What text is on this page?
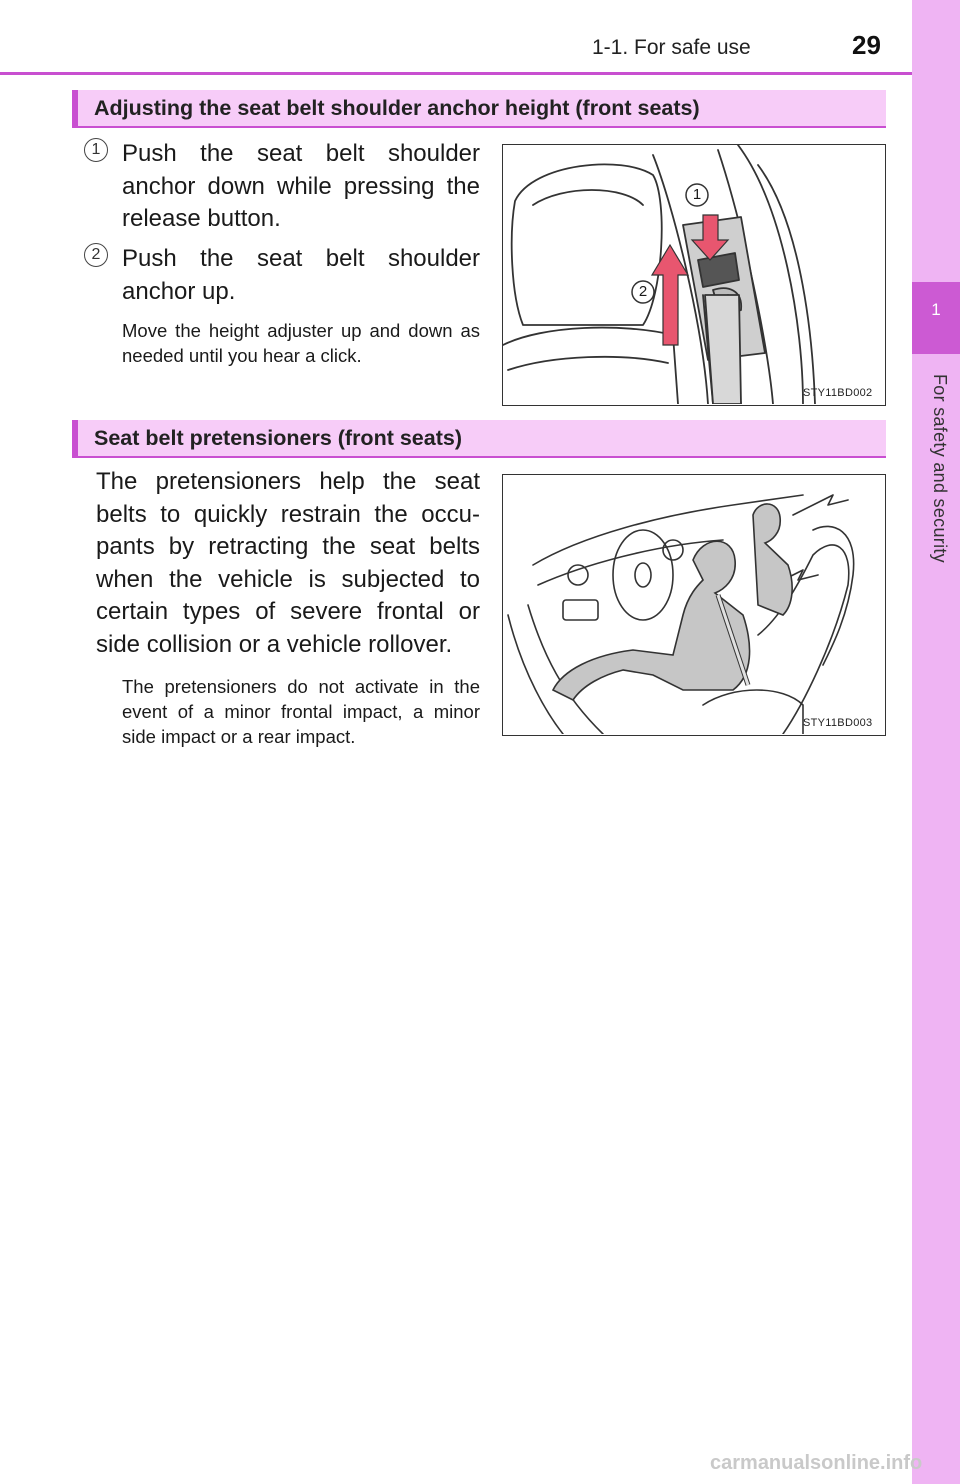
1-1. For safe use	29
1
For safety and security
Adjusting the seat belt shoulder anchor height (front seats)
1 Push the seat belt shoulder anchor down while pressing the release button.
2 Push the seat belt shoulder anchor up.
Move the height adjuster up and down as needed until you hear a click.
1
2
STY11BD002
Seat belt pretensioners (front seats)
The pretensioners help the seat belts to quickly restrain the occu-pants by retracting the seat belts when the vehicle is subjected to certain types of severe frontal or side collision or a vehicle rollover.
The pretensioners do not activate in the event of a minor frontal impact, a minor side impact or a rear impact.
STY11BD003
carmanualsonline.info
